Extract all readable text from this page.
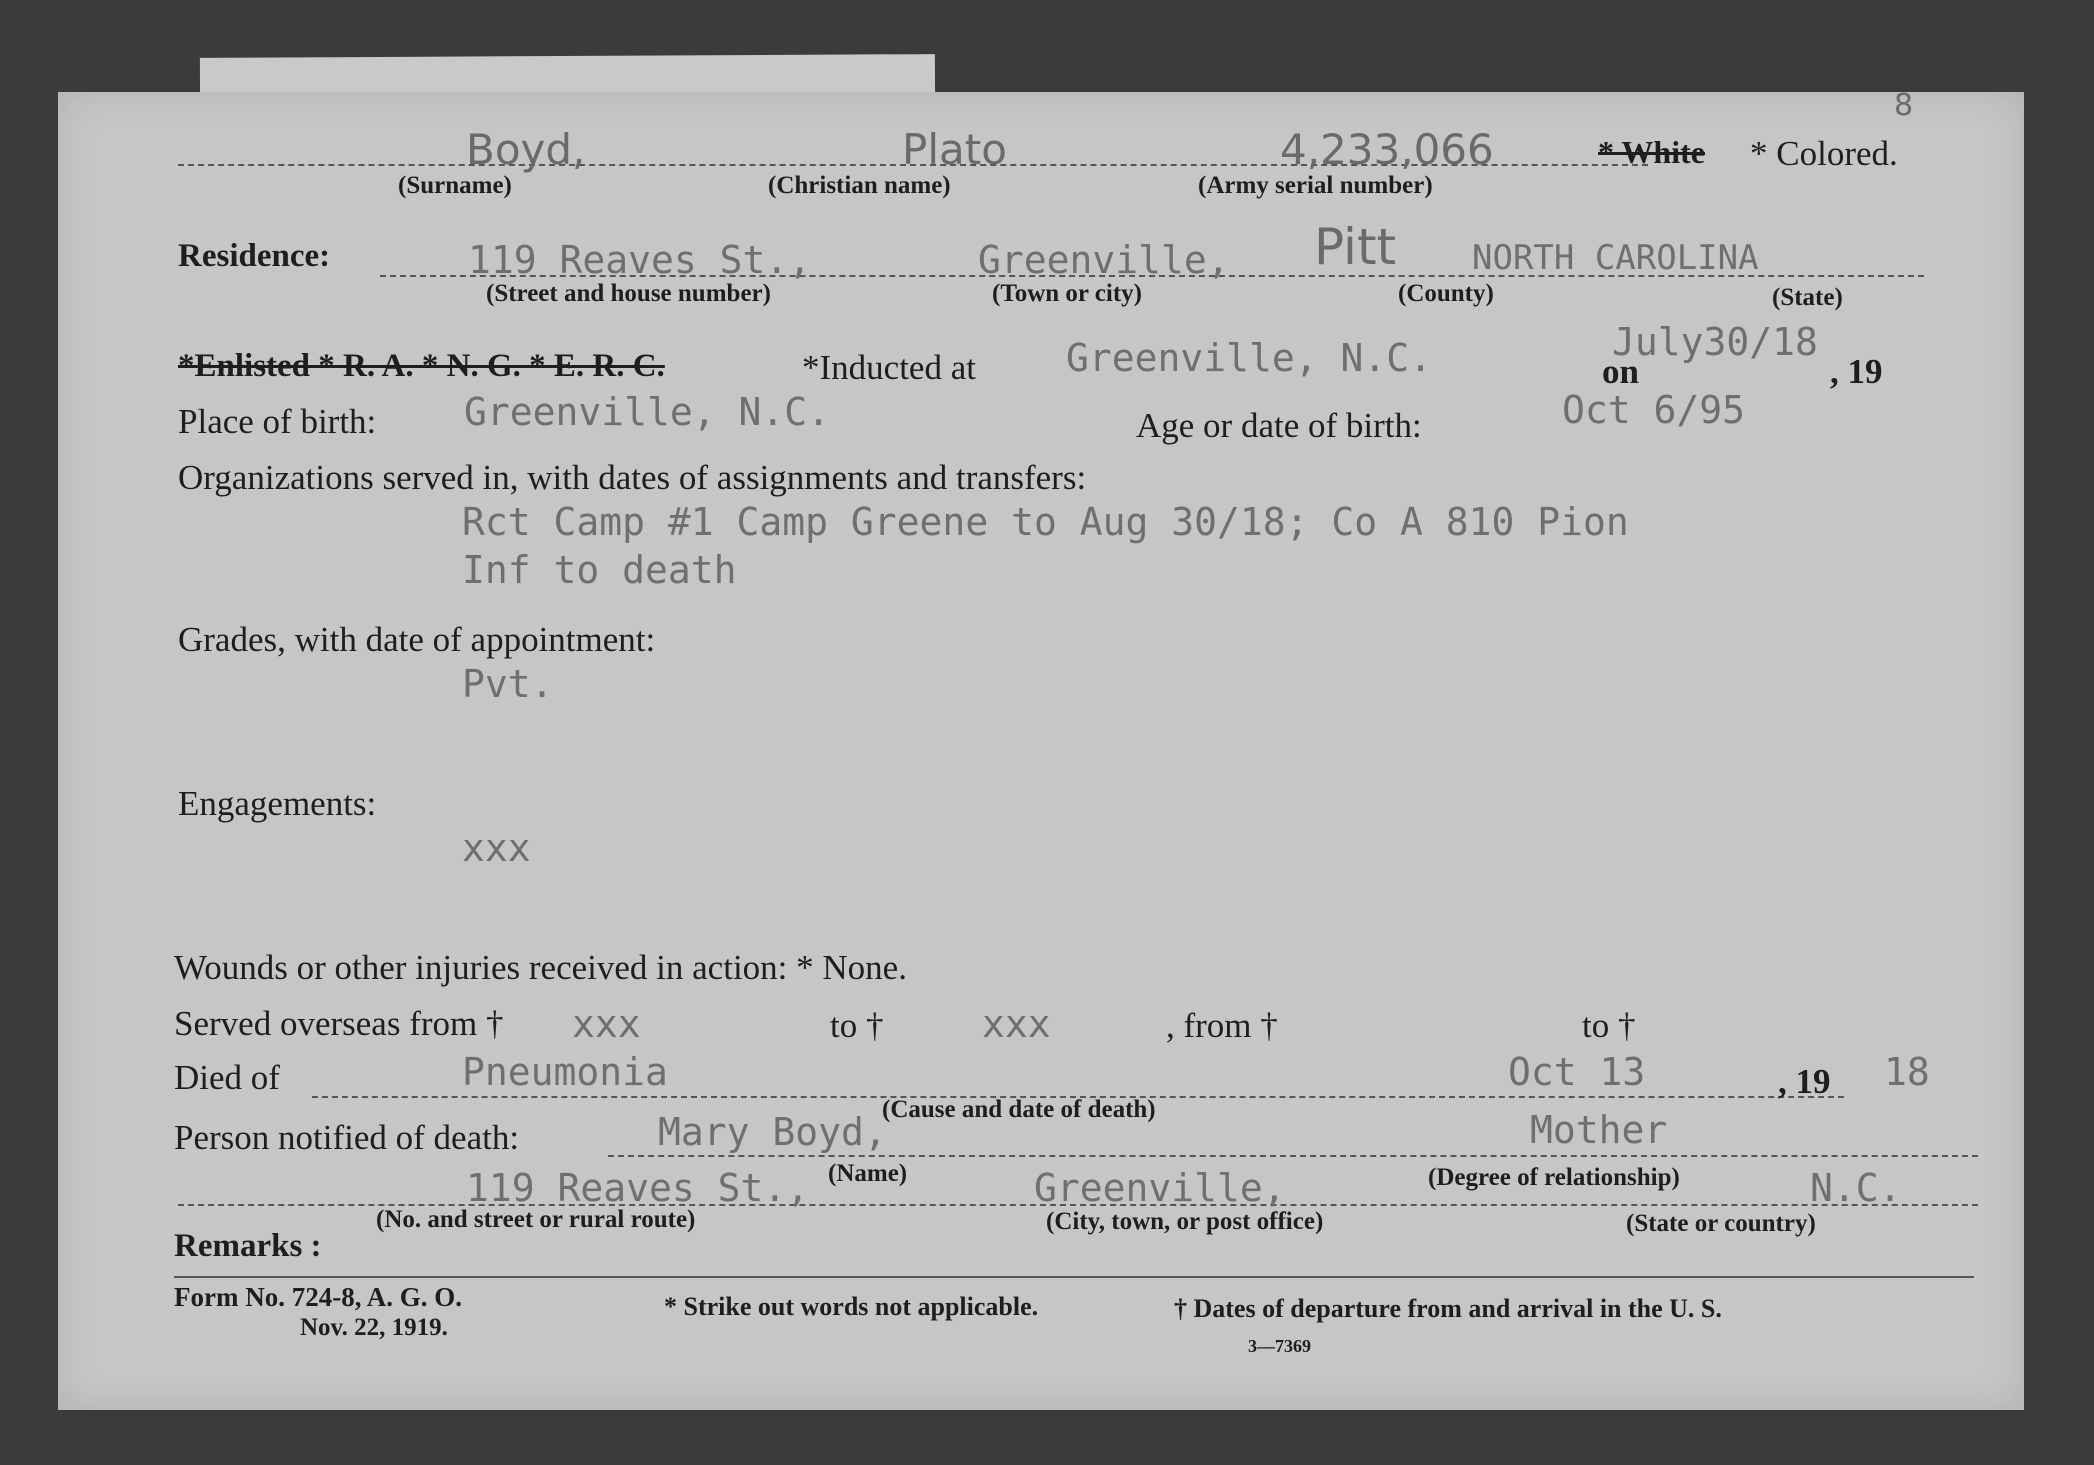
8
Boyd,	Plato	4,233,066	* White * Colored.
(Surname)	(Christian name)	(Army serial number)
Residence:	119 Reaves St.,	Greenville, Pitt NORTH CAROLINA
(Street and house number)	(Town or city)	(County)	(State)
*Enlisted * R. A. * N. G. * E. R. C.	*Inducted at Greenville, N.C.	July30/18
on	, 19
Place of birth: Greenville, N.C.	Age or date of birth:	Oct 6/95
Organizations served in, with dates of assignments and transfers:
Rct Camp #1 Camp Greene to Aug 30/18; Co A 810 Pion
Inf to death
Grades, with date of appointment:
Pvt.
Engagements:
xxx
Wounds or other injuries received in action: * None.
Served overseas from † xxx	to †	xxx	, from †	to †
Died of	Pneumonia	Oct 13	, 19 18
(Cause and date of death)
Person notified of death:	Mary Boyd,	Mother
(Name)	(Degree of relationship)
119 Reaves St.,	Greenville,	N.C.
(No. and street or rural route)	(City, town, or post office)	(State or country)
Remarks :
Form No. 724-8, A. G. O.
Nov. 22, 1919.
* Strike out words not applicable.	† Dates of departure from and arrival in the U. S.
3—7369
